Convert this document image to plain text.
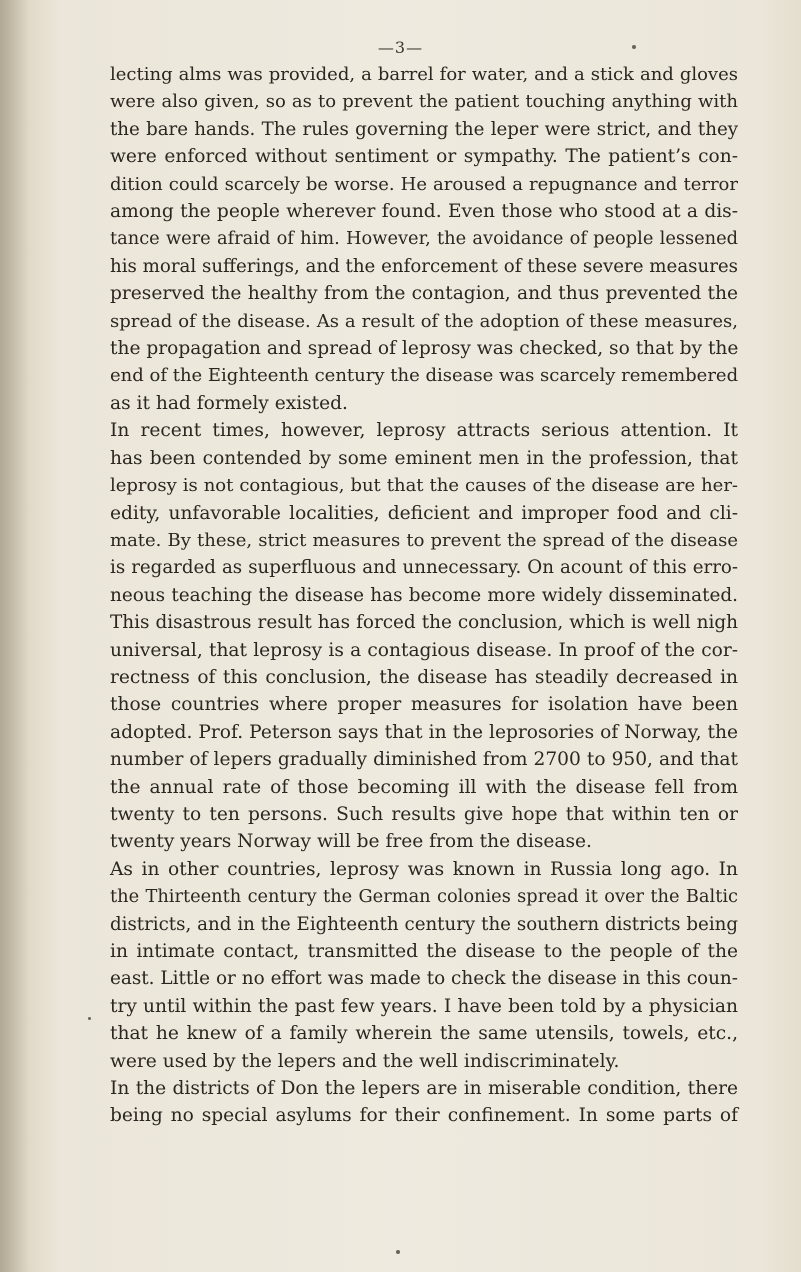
—3—

lecting alms was provided, a barrel for water, and a stick and gloves

were also given, so as to prevent the patient touching anything with

the bare hands. The rules governing the leper were strict, and they

were enforced without sentiment or sympathy. The patient’s con-

dition could scarcely be worse. He aroused a repugnance and terror

among the people wherever found. Even those who stood at a dis-

tance were afraid of him. However, the avoidance of people lessened

his moral sufferings, and the enforcement of these severe measures

preserved the healthy from the contagion, and thus prevented the

spread of the disease. As a result of the adoption of these measures,

the propagation and spread of leprosy was checked, so that by the

end of the Eighteenth century the disease was scarcely remembered

as it had formely existed.

In recent times, however, leprosy attracts serious attention. It

has been contended by some eminent men in the profession, that

leprosy is not contagious, but that the causes of the disease are her-

edity, unfavorable localities, deficient and improper food and cli-

mate. By these, strict measures to prevent the spread of the disease

is regarded as superfluous and unnecessary. On acount of this erro-

neous teaching the disease has become more widely disseminated.

This disastrous result has forced the conclusion, which is well nigh

universal, that leprosy is a contagious disease. In proof of the cor-

rectness of this conclusion, the disease has steadily decreased in

those countries where proper measures for isolation have been

adopted. Prof. Peterson says that in the leprosories of Norway, the

number of lepers gradually diminished from 2700 to 950, and that

the annual rate of those becoming ill with the disease fell from

twenty to ten persons. Such results give hope that within ten or

twenty years Norway will be free from the disease.

As in other countries, leprosy was known in Russia long ago. In

the Thirteenth century the German colonies spread it over the Baltic

districts, and in the Eighteenth century the southern districts being

in intimate contact, transmitted the disease to the people of the

east. Little or no effort was made to check the disease in this coun-

try until within the past few years. I have been told by a physician

that he knew of a family wherein the same utensils, towels, etc.,

were used by the lepers and the well indiscriminately.

In the districts of Don the lepers are in miserable condition, there

being no special asylums for their confinement. In some parts of
